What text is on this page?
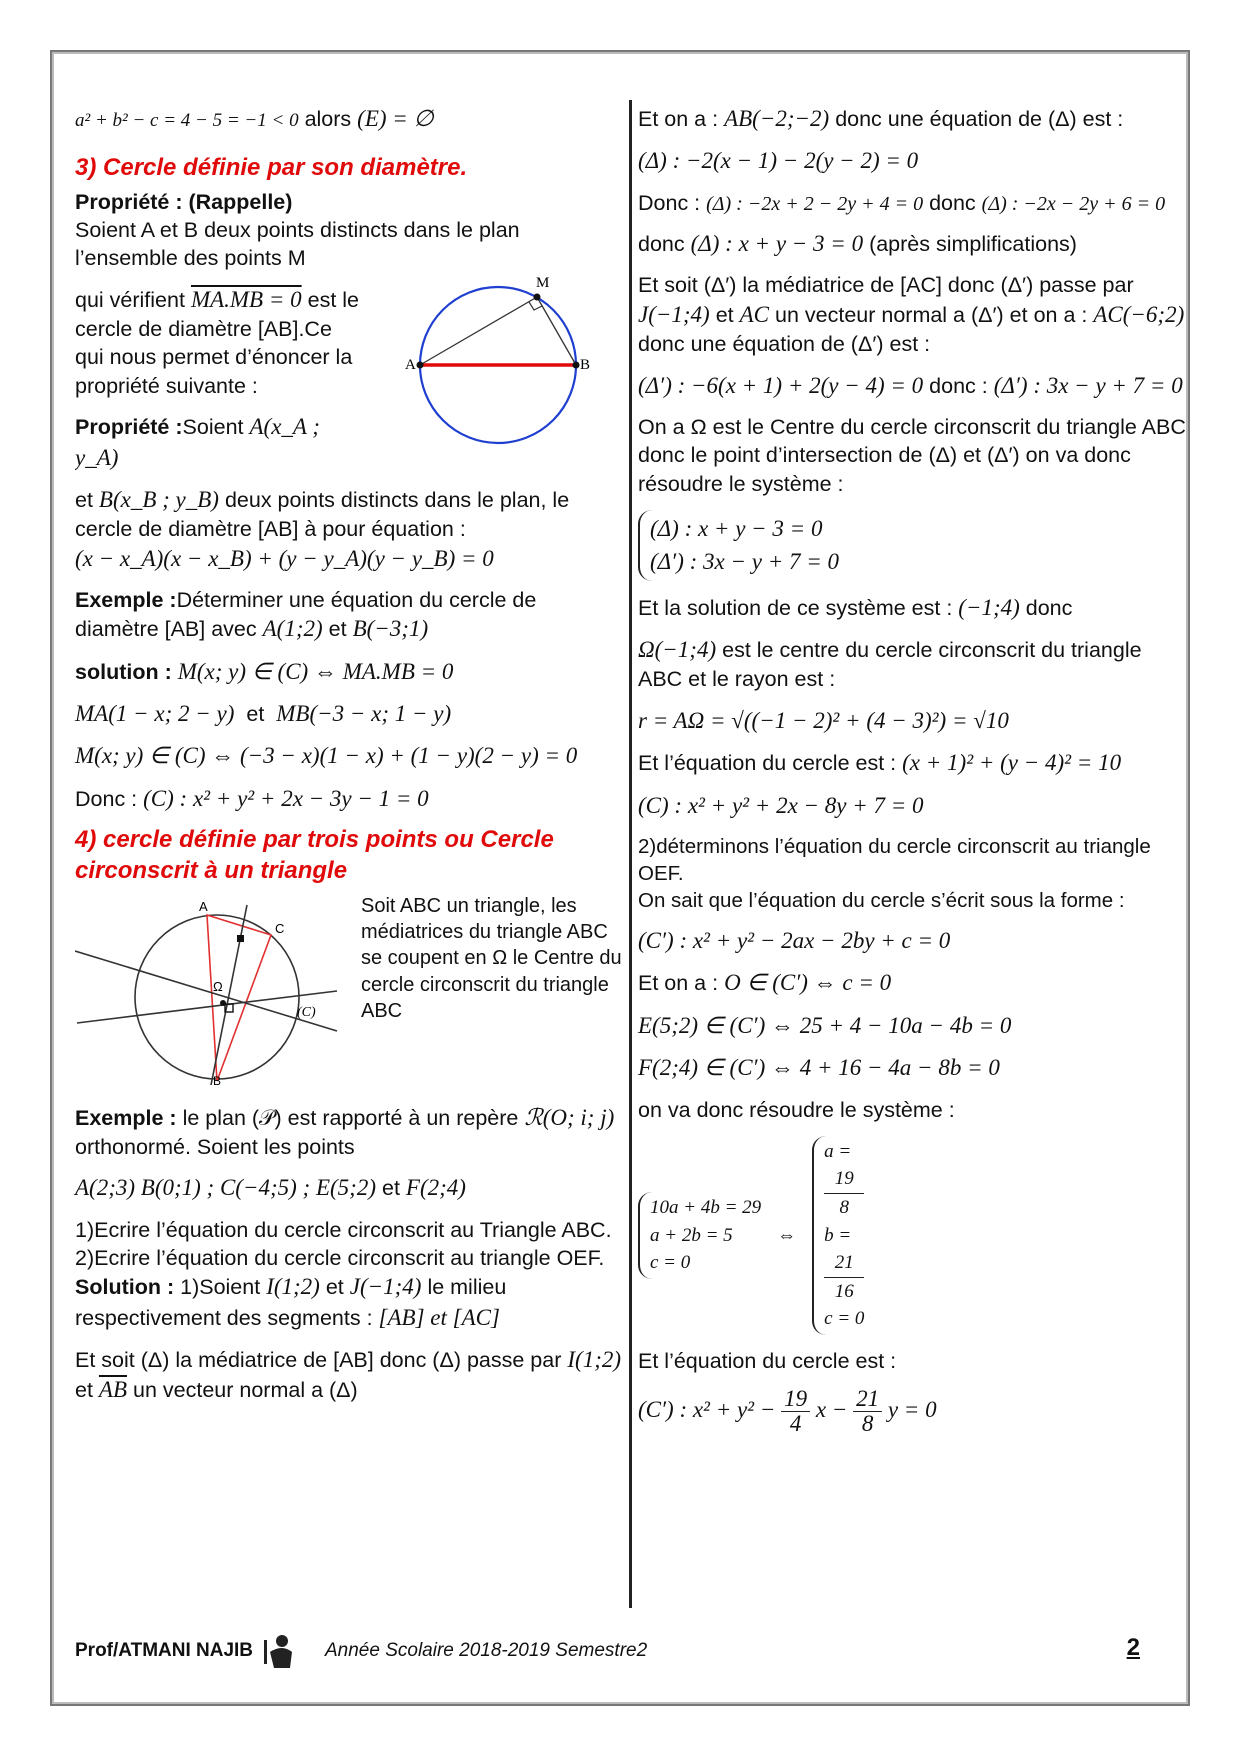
a² + b² − c = 4 − 5 = −1 < 0 alors (E) = ∅
3) Cercle définie par son diamètre.
Propriété : (Rappelle)
Soient A et B deux points distincts dans le plan l’ensemble des points M
M
A	B
qui vérifient MA.MB = 0 est le cercle de diamètre [AB].Ce qui nous permet d’énoncer la propriété suivante :
Propriété :Soient A(x_A ; y_A)
et B(x_B ; y_B) deux points distincts dans le plan, le cercle de diamètre [AB] à pour équation :
(x − x_A)(x − x_B) + (y − y_A)(y − y_B) = 0
Exemple :Déterminer une équation du cercle de diamètre [AB] avec A(1;2) et B(−3;1)
solution : M(x; y) ∈ (C) ⇔ MA.MB = 0
MA(1 − x; 2 − y) et MB(−3 − x; 1 − y)
M(x; y) ∈ (C) ⇔ (−3 − x)(1 − x) + (1 − y)(2 − y) = 0
Donc : (C) : x² + y² + 2x − 3y − 1 = 0
4) cercle définie par trois points ou Cercle circonscrit à un triangle
A
C
Ω
(C)
B
Soit ABC un triangle, les médiatrices du triangle ABC se coupent en Ω le Centre du cercle circonscrit du triangle ABC
Exemple : le plan (𝒫) est rapporté à un repère ℛ(O; i; j) orthonormé. Soient les points
A(2;3) B(0;1) ; C(−4;5) ; E(5;2) et F(2;4)
1)Ecrire l’équation du cercle circonscrit au Triangle ABC.
2)Ecrire l’équation du cercle circonscrit au triangle OEF.
Solution : 1)Soient I(1;2) et J(−1;4) le milieu respectivement des segments : [AB] et [AC]
Et soit (Δ) la médiatrice de [AB] donc (Δ) passe par I(1;2) et $\overline{AB}$ un vecteur normal a (Δ)
Et on a : AB(−2;−2) donc une équation de (Δ) est :
(Δ) : −2(x − 1) − 2(y − 2) = 0
Donc : (Δ) : −2x + 2 − 2y + 4 = 0 donc (Δ) : −2x − 2y + 6 = 0
donc (Δ) : x + y − 3 = 0 (après simplifications)
Et soit (Δ′) la médiatrice de [AC] donc (Δ′) passe par J(−1;4) et AC un vecteur normal a (Δ′) et on a : AC(−6;2) donc une équation de (Δ′) est :
(Δ′) : −6(x + 1) + 2(y − 4) = 0 donc : (Δ′) : 3x − y + 7 = 0
On a Ω est le Centre du cercle circonscrit du triangle ABC donc le point d’intersection de (Δ) et (Δ′) on va donc résoudre le système :
(Δ) : x + y − 3 = 0
(Δ′) : 3x − y + 7 = 0
Et la solution de ce système est : (−1;4) donc
Ω(−1;4) est le centre du cercle circonscrit du triangle ABC et le rayon est :
r = AΩ = √((−1 − 2)² + (4 − 3)²) = √10
Et l’équation du cercle est : (x + 1)² + (y − 4)² = 10
(C) : x² + y² + 2x − 8y + 7 = 0
2)déterminons l’équation du cercle circonscrit au triangle OEF.
On sait que l’équation du cercle s’écrit sous la forme :
(C′) : x² + y² − 2ax − 2by + c = 0
Et on a : O ∈ (C′) ⇔ c = 0
E(5;2) ∈ (C′) ⇔ 25 + 4 − 10a − 4b = 0
F(2;4) ∈ (C′) ⇔ 4 + 16 − 4a − 8b = 0
on va donc résoudre le système :
10a + 4b = 29
a + 2b = 5
c = 0
⇔
a =
19
8
b =
21
16
c = 0
Et l’équation du cercle est :
(C′) : $x^2 + y^2 - \frac{19}{4}$ $x - \frac{21}{8}$ y = 0
Prof/ATMANI NAJIB	Année Scolaire 2018-2019 Semestre2	2
